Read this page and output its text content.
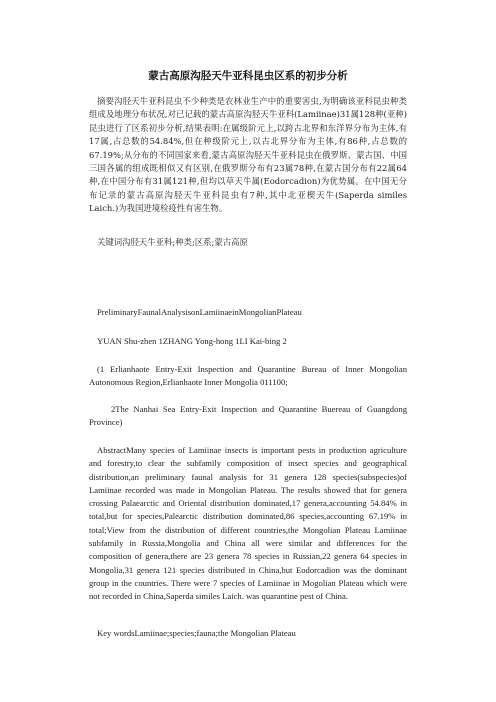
蒙古高原沟胫天牛亚科昆虫区系的初步分析
摘要沟胫天牛亚科昆虫不少种类是农林业生产中的重要害虫,为明确该亚科昆虫种类组成及地理分布状况,对已记载的蒙古高原沟胫天牛亚科(Lamiinae)31属128种(亚种)昆虫进行了区系初步分析,结果表明:在属级阶元上,以跨古北界和东洋界分布为主体,有17属,占总数的54.84%,但在种级阶元上,以古北界分布为主体,有86种,占总数的67.19%;从分布的不同国家来看,蒙古高原沟胫天牛亚科昆虫在俄罗斯、蒙古国、中国三国各属的组成既相似又有区别,在俄罗斯分布有23属78种,在蒙古国分布有22属64种,在中国分布有31属121种,但均以草天牛属(Eodorcadion)为优势属。在中国无分布记录的蒙古高原沟胫天牛亚科昆虫有7种,其中北亚楔天牛(Saperda similes Laich.)为我国进境检疫性有害生物。
关键词沟胫天牛亚科;种类;区系;蒙古高原
PreliminaryFaunalAnalysisonLamiinaeinMongolianPlateau
YUAN Shu-zhen 1ZHANG Yong-hong 1LI Kai-bing 2
(1 Erlianhaote Entry-Exit Inspection and Quarantine Bureau of Inner Mongolian Autonomous Region,Erlianhaote Inner Mongolia 011100;
2The Nanhai Sea Entry-Exit Inspection and Quarantine Buereau of Guangdong Province)
AbstractMany species of Lamiinae insects is important pests in production agriculture and forestry,to clear the subfamily composition of insect species and geographical distribution,an preliminary faunal analysis for 31 genera 128 species(subspecies)of Lamiinae recorded was made in Mongolian Plateau. The results showed that for genera crossing Palaearctic and Oriental distribution dominated,17 genera,accounting 54.84% in total,but for species,Palearctic distribution dominated,86 species,accounting 67.19% in total;View from the distribution of different countries,the Mongolian Plateau Lamiinae subfamily in Russia,Mongolia and China all were similar and differences for the composition of genera,there are 23 genera 78 species in Russian,22 genera 64 species in Mongolia,31 genera 121 species distributed in China,but Eodorcadion was the dominant group in the countries. There were 7 species of Lamiinae in Mogolian Plateau which were not recorded in China,Saperda similes Laich. was quarantine pest of China.
Key wordsLamiinae;species;fauna;the Mongolian Plateau
